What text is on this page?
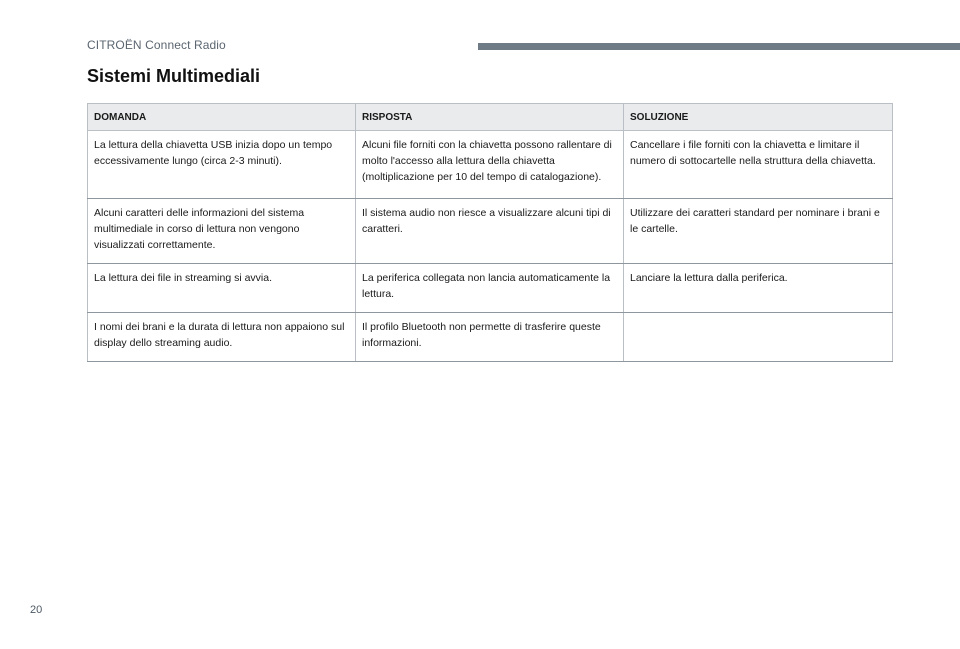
CITROËN Connect Radio
Sistemi Multimediali
DOMANDA	RISPOSTA	SOLUZIONE
La lettura della chiavetta USB inizia dopo un tempo eccessivamente lungo (circa 2-3 minuti).	Alcuni file forniti con la chiavetta possono rallentare di molto l'accesso alla lettura della chiavetta (moltiplicazione per 10 del tempo di catalogazione).	Cancellare i file forniti con la chiavetta e limitare il numero di sottocartelle nella struttura della chiavetta.
Alcuni caratteri delle informazioni del sistema multimediale in corso di lettura non vengono visualizzati correttamente.	Il sistema audio non riesce a visualizzare alcuni tipi di caratteri.	Utilizzare dei caratteri standard per nominare i brani e le cartelle.
La lettura dei file in streaming si avvia.	La periferica collegata non lancia automaticamente la lettura.	Lanciare la lettura dalla periferica.
I nomi dei brani e la durata di lettura non appaiono sul display dello streaming audio.	Il profilo Bluetooth non permette di trasferire queste informazioni.	
20
